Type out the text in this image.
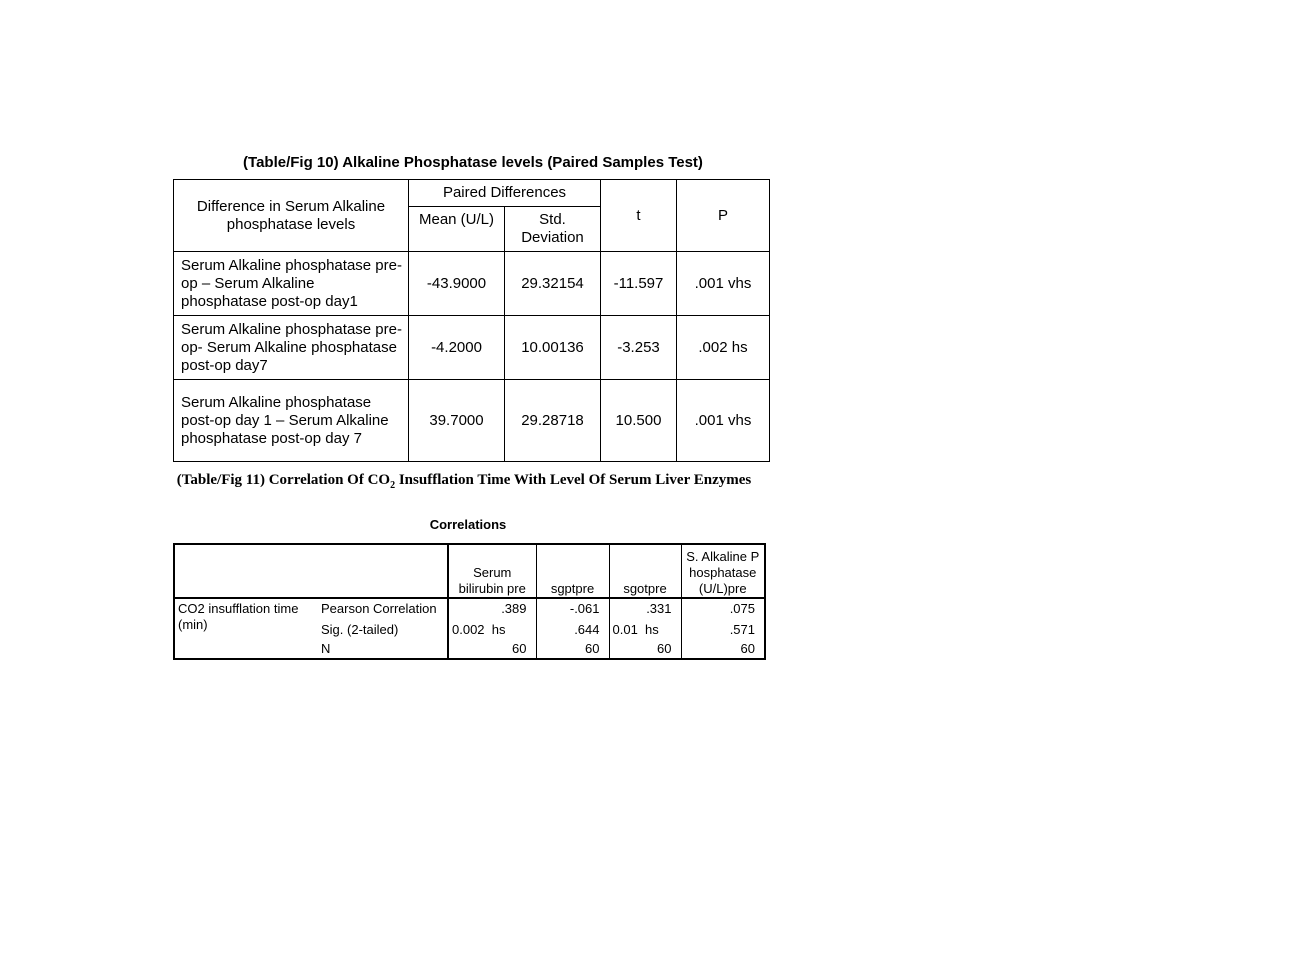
(Table/Fig 10) Alkaline Phosphatase levels (Paired Samples Test)
Difference in Serum Alkaline phosphatase levels	Paired Differences		t	P
	Mean (U/L)	Std. Deviation		
Serum Alkaline phosphatase pre-op – Serum Alkaline phosphatase post-op day1	-43.9000	29.32154	-11.597	.001 vhs
Serum Alkaline phosphatase pre-op- Serum Alkaline phosphatase post-op day7	-4.2000	10.00136	-3.253	.002 hs
Serum Alkaline phosphatase post-op day 1 – Serum Alkaline phosphatase post-op day 7	39.7000	29.28718	10.500	.001 vhs
(Table/Fig 11) Correlation Of $CO_2$ Insufflation Time With Level Of Serum Liver Enzymes
Correlations
		Serum bilirubin pre	sgptpre	sgotpre	S. Alkaline Phosphatase(U/L)pre
CO2 insufflation time (min)	Pearson Correlation	.389	-.061	.331	.075
	Sig. (2-tailed)	0.002  hs	.644	0.01  hs	.571
	N	60	60	60	60
